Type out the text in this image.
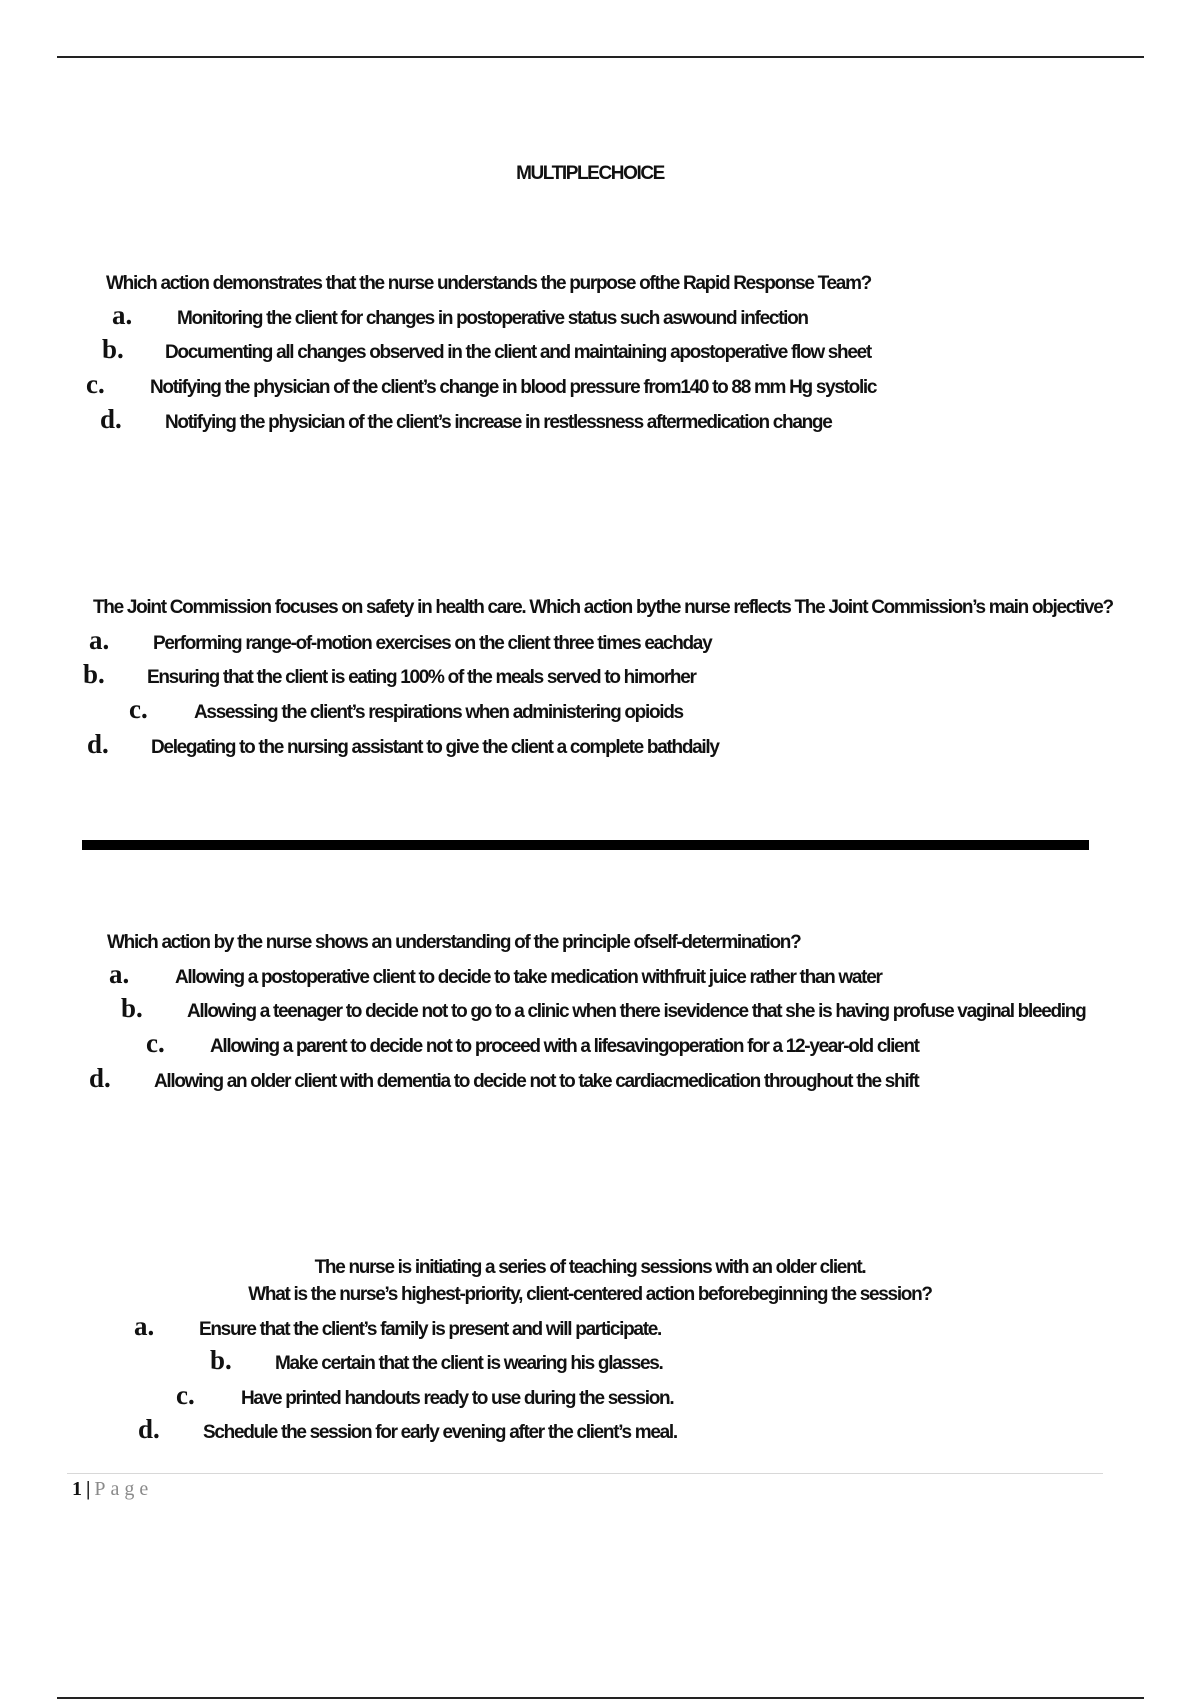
MULTIPLECHOICE
Which action demonstrates that the nurse understands the purpose ofthe Rapid Response Team?
a.	Monitoring the client for changes in postoperative status such aswound infection
b.	Documenting all changes observed in the client and maintaining apostoperative flow sheet
c.	Notifying the physician of the client’s change in blood pressure from140 to 88 mm Hg systolic
d.	Notifying the physician of the client’s increase in restlessness aftermedication change
The Joint Commission focuses on safety in health care. Which action bythe nurse reflects The Joint Commission’s main objective?
a.	Performing range-of-motion exercises on the client three times eachday
b.	Ensuring that the client is eating 100% of the meals served to himorher
c.	Assessing the client’s respirations when administering opioids
d.	Delegating to the nursing assistant to give the client a complete bathdaily
Which action by the nurse shows an understanding of the principle ofself-determination?
a.	Allowing a postoperative client to decide to take medication withfruit juice rather than water
b.	Allowing a teenager to decide not to go to a clinic when there isevidence that she is having profuse vaginal bleeding
c.	Allowing a parent to decide not to proceed with a lifesavingoperation for a 12-year-old client
d.	Allowing an older client with dementia to decide not to take cardiacmedication throughout the shift
The nurse is initiating a series of teaching sessions with an older client.
What is the nurse’s highest-priority, client-centered action beforebeginning the session?
a.	Ensure that the client’s family is present and will participate.
b.	Make certain that the client is wearing his glasses.
c.	Have printed handouts ready to use during the session.
d.	Schedule the session for early evening after the client’s meal.
1 | Page
